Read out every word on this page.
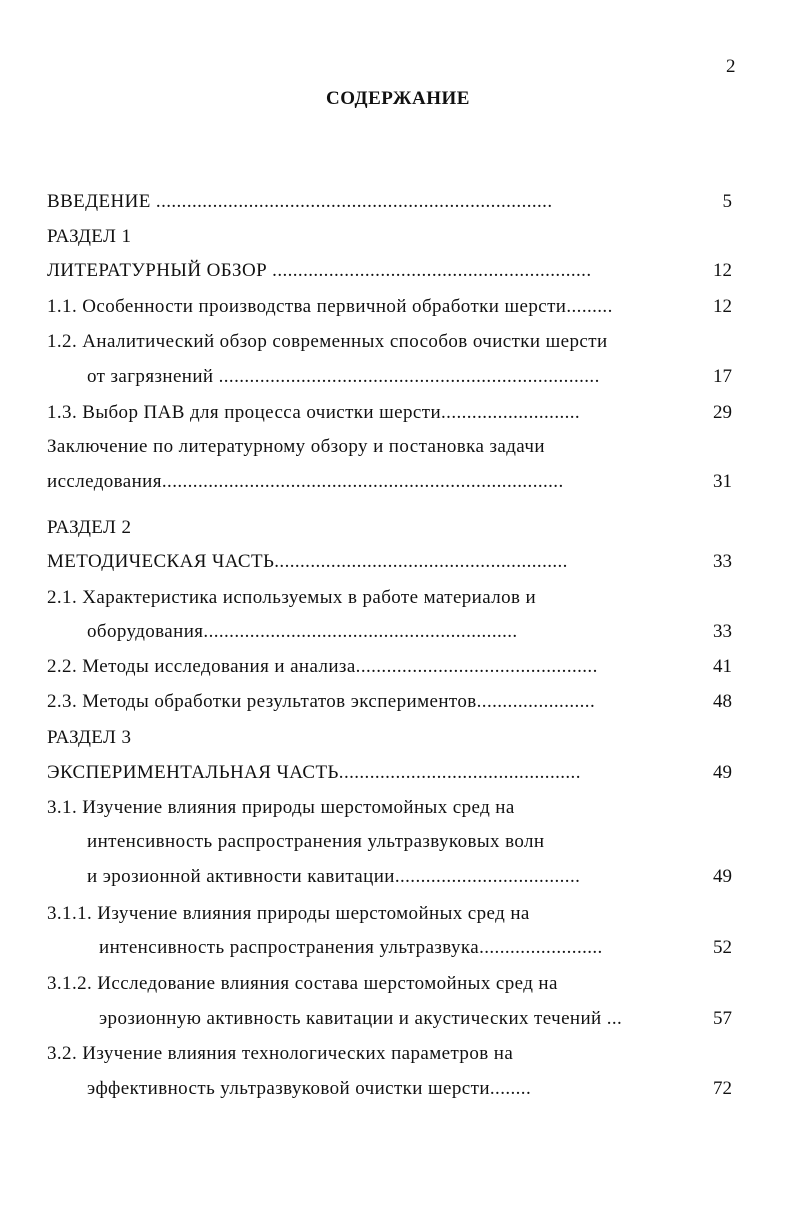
2
СОДЕРЖАНИЕ
ВВЕДЕНИЕ .............................................................................	5
РАЗДЕЛ 1
ЛИТЕРАТУРНЫЙ ОБЗОР ..............................................................	12
1.1. Особенности производства первичной обработки шерсти.........	12
1.2. Аналитический обзор современных способов очистки шерсти
от загрязнений ..........................................................................	17
1.3. Выбор ПАВ для процесса очистки шерсти...........................	29
Заключение по литературному обзору и постановка задачи
исследования..............................................................................	31
РАЗДЕЛ 2
МЕТОДИЧЕСКАЯ ЧАСТЬ.........................................................	33
2.1. Характеристика используемых в работе материалов и
оборудования.............................................................	33
2.2. Методы исследования и анализа...............................................	41
2.3. Методы обработки результатов экспериментов.......................	48
РАЗДЕЛ 3
ЭКСПЕРИМЕНТАЛЬНАЯ ЧАСТЬ...............................................	49
3.1. Изучение влияния природы шерстомойных сред на
интенсивность распространения ультразвуковых волн
и эрозионной активности кавитации....................................	49
3.1.1. Изучение влияния природы шерстомойных сред на
интенсивность распространения ультразвука........................	52
3.1.2. Исследование влияния состава шерстомойных сред на
эрозионную активность кавитации и акустических течений ...	57
3.2. Изучение влияния технологических параметров на
эффективность ультразвуковой очистки шерсти........	72
